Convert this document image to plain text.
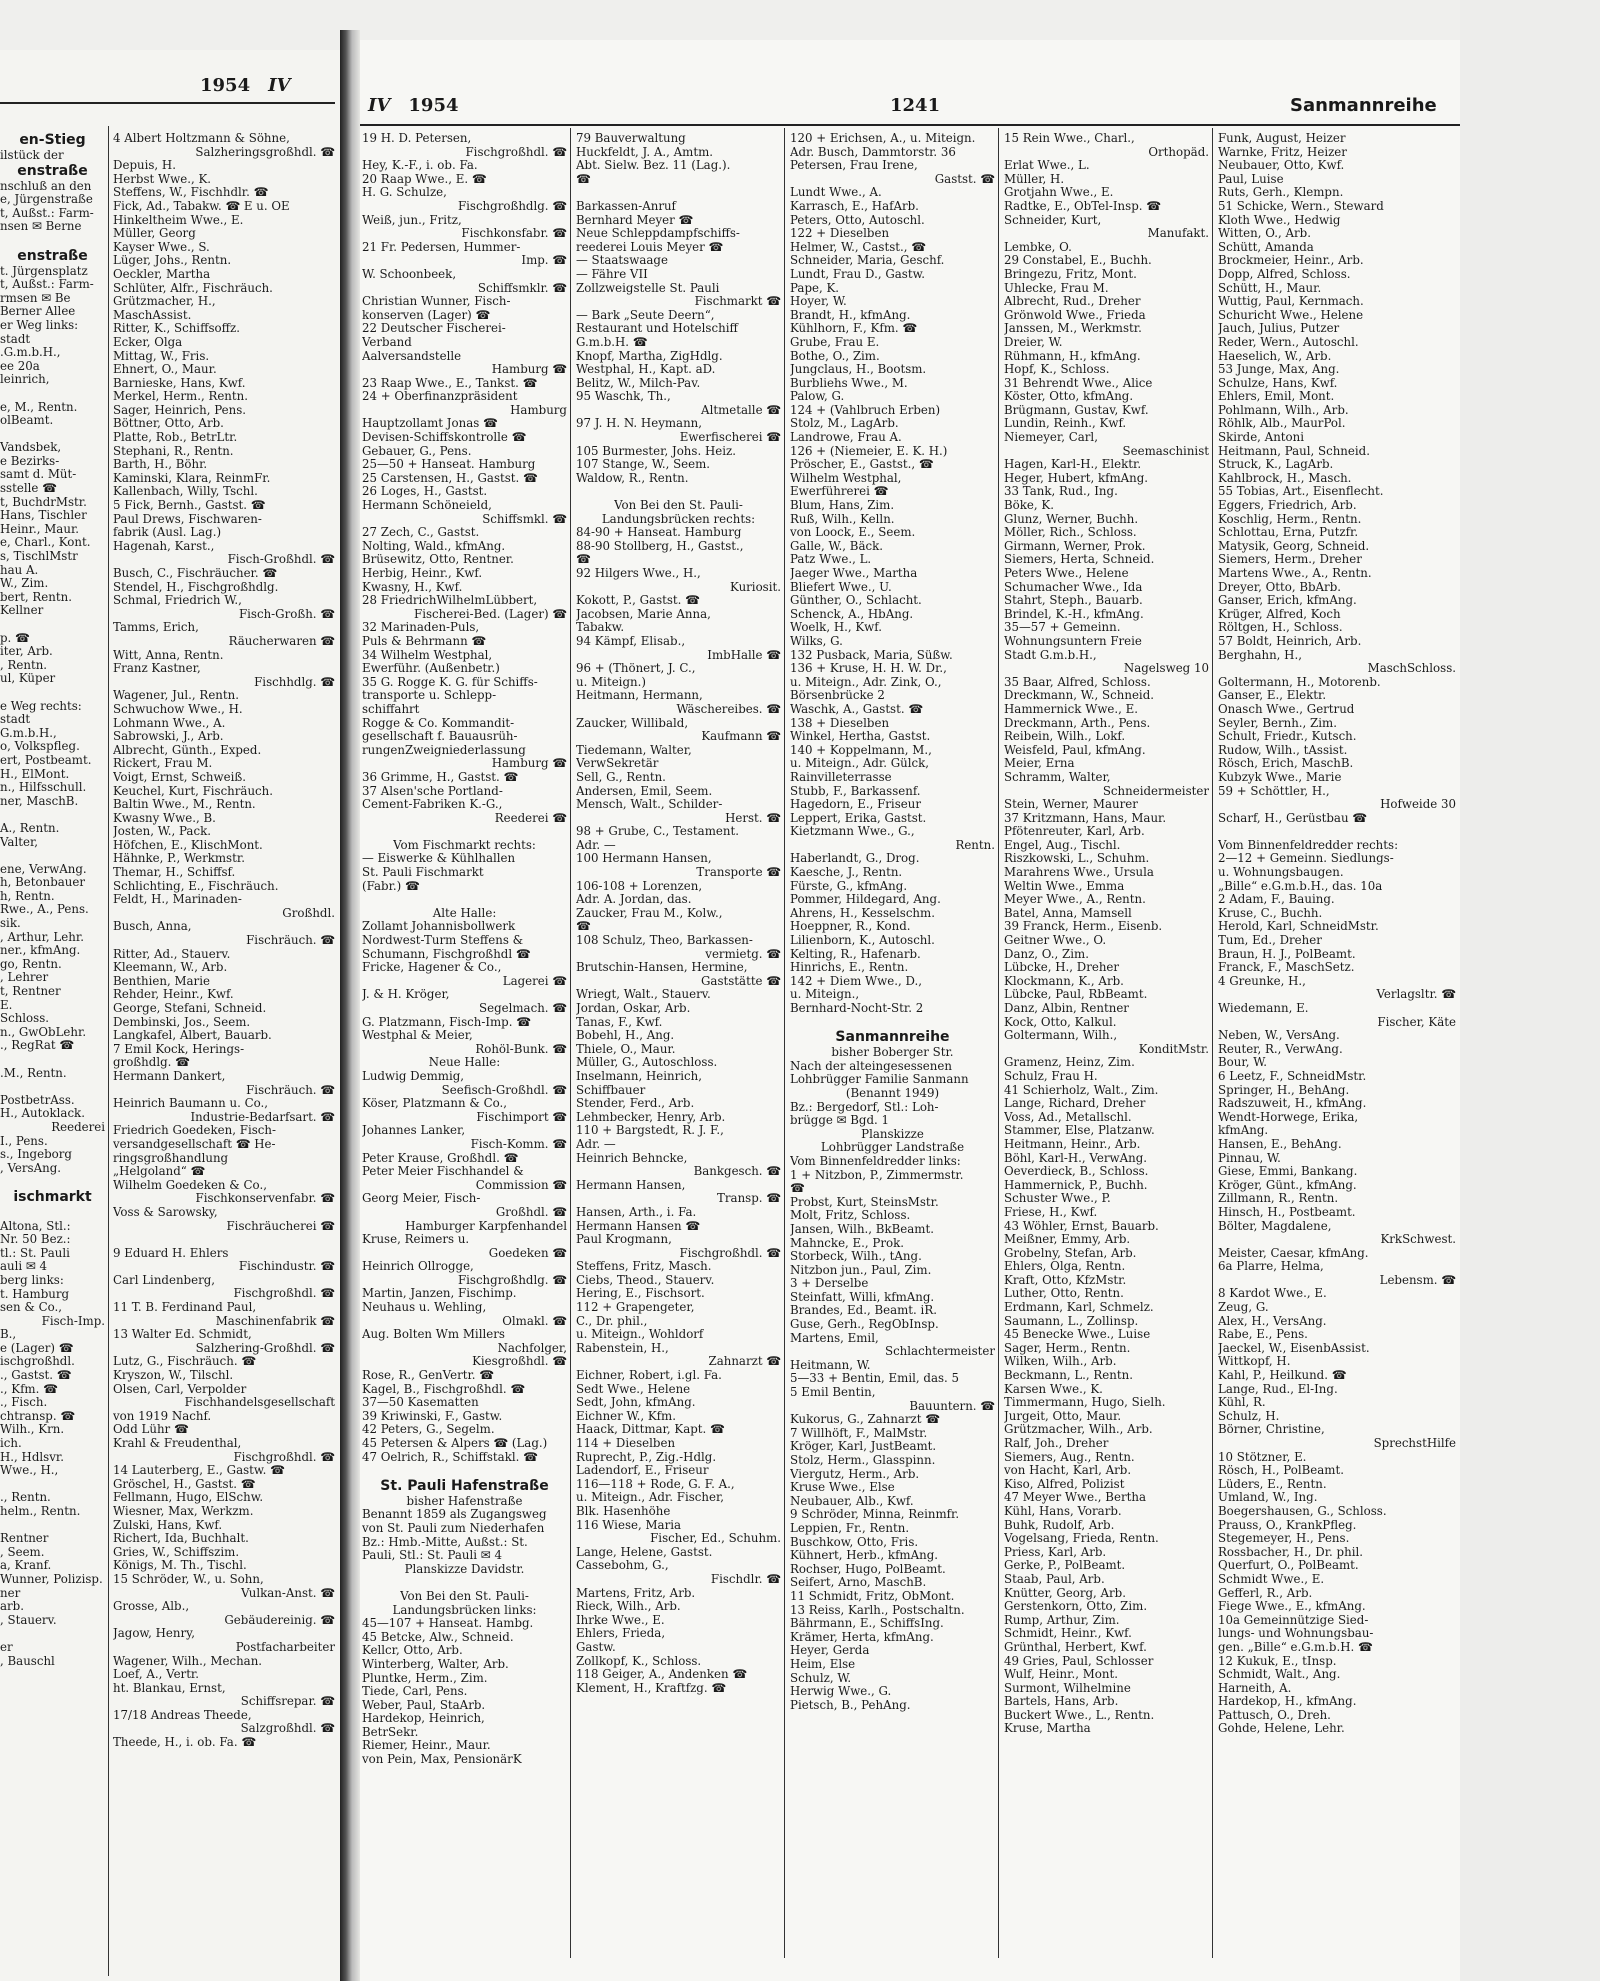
1954 IV
en-Stieg
ilstück der
enstraße
nschluß an den
e, Jürgenstraße
t, Außst.: Farm-
nsen ✉ Berne
enstraße
t. Jürgensplatz
t, Außst.: Farm-
rmsen ✉ Be
Berner Allee
er Weg links:
stadt
.G.m.b.H.,
ee 20a
leinrich,
e, M., Rentn.
olBeamt.
Vandsbek,
e Bezirks-
samt d. Müt-
sstelle ☎
t, BuchdrMstr.
Hans, Tischler
Heinr., Maur.
e, Charl., Kont.
s, TischlMstr
hau A.
W., Zim.
bert, Rentn.
Kellner
p. ☎
iter, Arb.
, Rentn.
ul, Küper
e Weg rechts:
stadt
G.m.b.H.,
o, Volkspfleg.
ert, Postbeamt.
H., ElMont.
n., Hilfsschull.
ner, MaschB.
A., Rentn.
Valter,
ene, VerwAng.
h, Betonbauer
h, Rentn.
Rwe., A., Pens.
sik.
, Arthur, Lehr.
ner., kfmAng.
go, Rentn.
, Lehrer
t, Rentner
E.
Schloss.
n., GwObLehr.
., RegRat ☎
.M., Rentn.
PostbetrAss.
H., Autoklack.
Reederei
I., Pens.
s., Ingeborg
, VersAng.
ischmarkt
Altona, Stl.:
Nr. 50 Bez.:
tl.: St. Pauli
auli ✉ 4
berg links:
t. Hamburg
sen & Co.,
Fisch-Imp.
B.,
e (Lager) ☎
ischgroßhdl.
., Gastst. ☎
., Kfm. ☎
., Fisch.
chtransp. ☎
Wilh., Krn.
ich.
H., Hdlsvr.
Wwe., H.,
., Rentn.
helm., Rentn.
Rentner
, Seem.
a, Kranf.
Wunner, Polizisp.
ner
arb.
, Stauerv.
er
, Bauschl
4 Albert Holtzmann & Söhne,
Salzheringsgroßhdl. ☎
Depuis, H.
Herbst Wwe., K.
Steffens, W., Fischhdlr. ☎
Fick, Ad., Tabakw. ☎ E u. OE
Hinkeltheim Wwe., E.
Müller, Georg
Kayser Wwe., S.
Lüger, Johs., Rentn.
Oeckler, Martha
Schlüter, Alfr., Fischräuch.
Grützmacher, H.,
MaschAssist.
Ritter, K., Schiffsoffz.
Ecker, Olga
Mittag, W., Fris.
Ehnert, O., Maur.
Barnieske, Hans, Kwf.
Merkel, Herm., Rentn.
Sager, Heinrich, Pens.
Böttner, Otto, Arb.
Platte, Rob., BetrLtr.
Stephani, R., Rentn.
Barth, H., Böhr.
Kaminski, Klara, ReinmFr.
Kallenbach, Willy, Tschl.
5 Fick, Bernh., Gastst. ☎
Paul Drews, Fischwaren-
fabrik (Ausl. Lag.)
Hagenah, Karst.,
Fisch-Großhdl. ☎
Busch, C., Fischräucher. ☎
Stendel, H., Fischgroßhdlg.
Schmal, Friedrich W.,
Fisch-Großh. ☎
Tamms, Erich,
Räucherwaren ☎
Witt, Anna, Rentn.
Franz Kastner,
Fischhdlg. ☎
Wagener, Jul., Rentn.
Schwuchow Wwe., H.
Lohmann Wwe., A.
Sabrowski, J., Arb.
Albrecht, Günth., Exped.
Rickert, Frau M.
Voigt, Ernst, Schweiß.
Keuchel, Kurt, Fischräuch.
Baltin Wwe., M., Rentn.
Kwasny Wwe., B.
Josten, W., Pack.
Höfchen, E., KlischMont.
Hähnke, P., Werkmstr.
Themar, H., Schiffsf.
Schlichting, E., Fischräuch.
Feldt, H., Marinaden-
Großhdl.
Busch, Anna,
Fischräuch. ☎
Ritter, Ad., Stauerv.
Kleemann, W., Arb.
Benthien, Marie
Rehder, Heinr., Kwf.
George, Stefani, Schneid.
Dembinski, Jos., Seem.
Langkafel, Albert, Bauarb.
7 Emil Kock, Herings-
großhdlg. ☎
Hermann Dankert,
Fischräuch. ☎
Heinrich Baumann u. Co.,
Industrie-Bedarfsart. ☎
Friedrich Goedeken, Fisch-
versandgesellschaft ☎ He-
ringsgroßhandlung
„Helgoland“ ☎
Wilhelm Goedeken & Co.,
Fischkonservenfabr. ☎
Voss & Sarowsky,
Fischräucherei ☎
9 Eduard H. Ehlers
Fischindustr. ☎
Carl Lindenberg,
Fischgroßhdl. ☎
11 T. B. Ferdinand Paul,
Maschinenfabrik ☎
13 Walter Ed. Schmidt,
Salzhering-Großhdl. ☎
Lutz, G., Fischräuch. ☎
Kryszon, W., Tilschl.
Olsen, Carl, Verpolder
Fischhandelsgesellschaft
von 1919 Nachf.
Odd Lühr ☎
Krahl & Freudenthal,
Fischgroßhdl. ☎
14 Lauterberg, E., Gastw. ☎
Gröschel, H., Gastst. ☎
Fellmann, Hugo, ElSchw.
Wiesner, Max, Werkzm.
Zulski, Hans, Kwf.
Richert, Ida, Buchhalt.
Gries, W., Schiffszim.
Königs, M. Th., Tischl.
15 Schröder, W., u. Sohn,
Vulkan-Anst. ☎
Grosse, Alb.,
Gebäudereinig. ☎
Jagow, Henry,
Postfacharbeiter
Wagener, Wilh., Mechan.
Loef, A., Vertr.
ht. Blankau, Ernst,
Schiffsrepar. ☎
17/18 Andreas Theede,
Salzgroßhdl. ☎
Theede, H., i. ob. Fa. ☎
IV 1954	1241	Sanmannreihe
19 H. D. Petersen,
Fischgroßhdl. ☎
Hey, K.-F., i. ob. Fa.
20 Raap Wwe., E. ☎
H. G. Schulze,
Fischgroßhdlg. ☎
Weiß, jun., Fritz,
Fischkonsfabr. ☎
21 Fr. Pedersen, Hummer-
Imp. ☎
W. Schoonbeek,
Schiffsmklr. ☎
Christian Wunner, Fisch-
konserven (Lager) ☎
22 Deutscher Fischerei-
Verband
Aalversandstelle
Hamburg ☎
23 Raap Wwe., E., Tankst. ☎
24 + Oberfinanzpräsident
Hamburg
Hauptzollamt Jonas ☎
Devisen-Schiffskontrolle ☎
Gebauer, G., Pens.
25—50 + Hanseat. Hamburg
25 Carstensen, H., Gastst. ☎
26 Loges, H., Gastst.
Hermann Schöneield,
Schiffsmkl. ☎
27 Zech, C., Gastst.
Nolting, Wald., kfmAng.
Brüsewitz, Otto, Rentner.
Herbig, Heinr., Kwf.
Kwasny, H., Kwf.
28 FriedrichWilhelmLübbert,
Fischerei-Bed. (Lager) ☎
32 Marinaden-Puls,
Puls & Behrmann ☎
34 Wilhelm Westphal,
Ewerführ. (Außenbetr.)
35 G. Rogge K. G. für Schiffs-
transporte u. Schlepp-
schiffahrt
Rogge & Co. Kommandit-
gesellschaft f. Bauausrüh-
rungenZweigniederlassung
Hamburg ☎
36 Grimme, H., Gastst. ☎
37 Alsen'sche Portland-
Cement-Fabriken K.-G.,
Reederei ☎
Vom Fischmarkt rechts:
— Eiswerke & Kühlhallen
St. Pauli Fischmarkt
(Fabr.) ☎
Alte Halle:
Zollamt Johannisbollwerk
Nordwest-Turm Steffens &
Schumann, Fischgroßhdl ☎
Fricke, Hagener & Co.,
Lagerei ☎
J. & H. Kröger,
Segelmach. ☎
G. Platzmann, Fisch-Imp. ☎
Westphal & Meier,
Rohöl-Bunk. ☎
Neue Halle:
Ludwig Demmig,
Seefisch-Großhdl. ☎
Köser, Platzmann & Co.,
Fischimport ☎
Johannes Lanker,
Fisch-Komm. ☎
Peter Krause, Großhdl. ☎
Peter Meier Fischhandel &
Commission ☎
Georg Meier, Fisch-
Großhdl. ☎
Hamburger Karpfenhandel
Kruse, Reimers u.
Goedeken ☎
Heinrich Ollrogge,
Fischgroßhdlg. ☎
Martin, Janzen, Fischimp.
Neuhaus u. Wehling,
Ölmakl. ☎
Aug. Bolten Wm Millers
Nachfolger,
Kiesgroßhdl. ☎
Rose, R., GenVertr. ☎
Kagel, B., Fischgroßhdl. ☎
37—50 Kasematten
39 Kriwinski, F., Gastw.
42 Peters, G., Segelm.
45 Petersen & Alpers ☎ (Lag.)
47 Oelrich, R., Schiffstakl. ☎
St. Pauli Hafenstraße
bisher Hafenstraße
Benannt 1859 als Zugangsweg
von St. Pauli zum Niederhafen
Bz.: Hmb.-Mitte, Außst.: St.
Pauli, Stl.: St. Pauli ✉ 4
Planskizze Davidstr.
Von Bei den St. Pauli-
Landungsbrücken links:
45—107 + Hanseat. Hambg.
45 Betcke, Alw., Schneid.
Kellcr, Otto, Arb.
Winterberg, Walter, Arb.
Pluntke, Herm., Zim.
Tiede, Carl, Pens.
Weber, Paul, StaArb.
Hardekop, Heinrich,
BetrSekr.
Riemer, Heinr., Maur.
von Pein, Max, PensionärK
79 Bauverwaltung
Huckfeldt, J. A., Amtm.
Abt. Sielw. Bez. 11 (Lag.).
☎
Barkassen-Anruf
Bernhard Meyer ☎
Neue Schleppdampfschiffs-
reederei Louis Meyer ☎
— Staatswaage
— Fähre VII
Zollzweigstelle St. Pauli
Fischmarkt ☎
— Bark „Seute Deern“,
Restaurant und Hotelschiff
G.m.b.H. ☎
Knopf, Martha, ZigHdlg.
Westphal, H., Kapt. aD.
Belitz, W., Milch-Pav.
95 Waschk, Th.,
Altmetalle ☎
97 J. H. N. Heymann,
Ewerfischerei ☎
105 Burmester, Johs. Heiz.
107 Stange, W., Seem.
Waldow, R., Rentn.
Von Bei den St. Pauli-
Landungsbrücken rechts:
84-90 + Hanseat. Hamburg
88-90 Stollberg, H., Gastst.,
☎
92 Hilgers Wwe., H.,
Kuriosit.
Kokott, P., Gastst. ☎
Jacobsen, Marie Anna,
Tabakw.
94 Kämpf, Elisab.,
ImbHalle ☎
96 + (Thönert, J. C.,
u. Miteign.)
Heitmann, Hermann,
Wäschereibes. ☎
Zaucker, Willibald,
Kaufmann ☎
Tiedemann, Walter,
VerwSekretär
Sell, G., Rentn.
Andersen, Emil, Seem.
Mensch, Walt., Schilder-
Herst. ☎
98 + Grube, C., Testament.
Adr. —
100 Hermann Hansen,
Transporte ☎
106-108 + Lorenzen,
Adr. A. Jordan, das.
Zaucker, Frau M., Kolw.,
☎
108 Schulz, Theo, Barkassen-
vermietg. ☎
Brutschin-Hansen, Hermine,
Gaststätte ☎
Wriegt, Walt., Stauerv.
Jordan, Oskar, Arb.
Tanas, F., Kwf.
Bobehl, H., Ang.
Thiele, O., Maur.
Müller, G., Autoschloss.
Inselmann, Heinrich,
Schiffbauer
Stender, Ferd., Arb.
Lehmbecker, Henry, Arb.
110 + Bargstedt, R. J. F.,
Adr. —
Heinrich Behncke,
Bankgesch. ☎
Hermann Hansen,
Transp. ☎
Hansen, Arth., i. Fa.
Hermann Hansen ☎
Paul Krogmann,
Fischgroßhdl. ☎
Steffens, Fritz, Masch.
Ciebs, Theod., Stauerv.
Hering, E., Fischsort.
112 + Grapengeter,
C., Dr. phil.,
u. Miteign., Wohldorf
Rabenstein, H.,
Zahnarzt ☎
Eichner, Robert, i.gl. Fa.
Sedt Wwe., Helene
Sedt, John, kfmAng.
Eichner W., Kfm.
Haack, Dittmar, Kapt. ☎
114 + Dieselben
Ruprecht, P., Zig.-Hdlg.
Ladendorf, E., Friseur
116—118 + Rode, G. F. A.,
u. Miteign., Adr. Fischer,
Blk. Hasenhöhe
116 Wiese, Maria
Fischer, Ed., Schuhm.
Lange, Helene, Gastst.
Cassebohm, G.,
Fischdlr. ☎
Martens, Fritz, Arb.
Rieck, Wilh., Arb.
Ihrke Wwe., E.
Ehlers, Frieda,
Gastw.
Zollkopf, K., Schloss.
118 Geiger, A., Andenken ☎
Klement, H., Kraftfzg. ☎
120 + Erichsen, A., u. Miteign.
Adr. Busch, Dammtorstr. 36
Petersen, Frau Irene,
Gastst. ☎
Lundt Wwe., A.
Karrasch, E., HafArb.
Peters, Otto, Autoschl.
122 + Dieselben
Helmer, W., Castst., ☎
Schneider, Maria, Geschf.
Lundt, Frau D., Gastw.
Pape, K.
Hoyer, W.
Brandt, H., kfmAng.
Kühlhorn, F., Kfm. ☎
Grube, Frau E.
Bothe, O., Zim.
Jungclaus, H., Bootsm.
Burbliehs Wwe., M.
Palow, G.
124 + (Vahlbruch Erben)
Stolz, M., LagArb.
Landrowe, Frau A.
126 + (Niemeier, E. K. H.)
Pröscher, E., Gastst., ☎
Wilhelm Westphal,
Ewerführerei ☎
Blum, Hans, Zim.
Ruß, Wilh., Kelln.
von Loock, E., Seem.
Galle, W., Bäck.
Patz Wwe., L.
Jaeger Wwe., Martha
Bliefert Wwe., U.
Günther, O., Schlacht.
Schenck, A., HbAng.
Woelk, H., Kwf.
Wilks, G.
132 Pusback, Maria, Süßw.
136 + Kruse, H. H. W. Dr.,
u. Miteign., Adr. Zink, O.,
Börsenbrücke 2
Waschk, A., Gastst. ☎
138 + Dieselben
Winkel, Hertha, Gastst.
140 + Koppelmann, M.,
u. Miteign., Adr. Gülck,
Rainvilleterrasse
Stubb, F., Barkassenf.
Hagedorn, E., Friseur
Leppert, Erika, Gastst.
Kietzmann Wwe., G.,
Rentn.
Haberlandt, G., Drog.
Kaesche, J., Rentn.
Fürste, G., kfmAng.
Pommer, Hildegard, Ang.
Ahrens, H., Kesselschm.
Hoeppner, R., Kond.
Lilienborn, K., Autoschl.
Kelting, R., Hafenarb.
Hinrichs, E., Rentn.
142 + Diem Wwe., D.,
u. Miteign.,
Bernhard-Nocht-Str. 2
Sanmannreihe
bisher Boberger Str.
Nach der alteingesessenen
Lohbrügger Familie Sanmann
(Benannt 1949)
Bz.: Bergedorf, Stl.: Loh-
brügge ✉ Bgd. 1
Planskizze
Lohbrügger Landstraße
Vom Binnenfeldredder links:
1 + Nitzbon, P., Zimmermstr.
☎
Probst, Kurt, SteinsMstr.
Molt, Fritz, Schloss.
Jansen, Wilh., BkBeamt.
Mahncke, E., Prok.
Storbeck, Wilh., tAng.
Nitzbon jun., Paul, Zim.
3 + Derselbe
Steinfatt, Willi, kfmAng.
Brandes, Ed., Beamt. iR.
Guse, Gerh., RegObInsp.
Martens, Emil,
Schlachtermeister
Heitmann, W.
5—33 + Bentin, Emil, das. 5
5 Emil Bentin,
Bauuntern. ☎
Kukorus, G., Zahnarzt ☎
7 Willhöft, F., MalMstr.
Kröger, Karl, JustBeamt.
Stolz, Herm., Glasspinn.
Viergutz, Herm., Arb.
Kruse Wwe., Else
Neubauer, Alb., Kwf.
9 Schröder, Minna, Reinmfr.
Leppien, Fr., Rentn.
Buschkow, Otto, Fris.
Kühnert, Herb., kfmAng.
Rochser, Hugo, PolBeamt.
Seifert, Arno, MaschB.
11 Schmidt, Fritz, ObMont.
13 Reiss, Karlh., Postschaltn.
Bährmann, E., SchiffsIng.
Krämer, Herta, kfmAng.
Heyer, Gerda
Heim, Else
Schulz, W.
Herwig Wwe., G.
Pietsch, B., PehAng.
15 Rein Wwe., Charl.,
Orthopäd.
Erlat Wwe., L.
Müller, H.
Grotjahn Wwe., E.
Radtke, E., ObTel-Insp. ☎
Schneider, Kurt,
Manufakt.
Lembke, O.
29 Constabel, E., Buchh.
Bringezu, Fritz, Mont.
Uhlecke, Frau M.
Albrecht, Rud., Dreher
Grönwold Wwe., Frieda
Janssen, M., Werkmstr.
Dreier, W.
Rühmann, H., kfmAng.
Hopf, K., Schloss.
31 Behrendt Wwe., Alice
Köster, Otto, kfmAng.
Brügmann, Gustav, Kwf.
Lundin, Reinh., Kwf.
Niemeyer, Carl,
Seemaschinist
Hagen, Karl-H., Elektr.
Heger, Hubert, kfmAng.
33 Tank, Rud., Ing.
Böke, K.
Glunz, Werner, Buchh.
Möller, Rich., Schloss.
Girmann, Werner, Prok.
Siemers, Herta, Schneid.
Peters Wwe., Helene
Schumacher Wwe., Ida
Stahrt, Steph., Bauarb.
Brindel, K.-H., kfmAng.
35—57 + Gemeinn.
Wohnungsuntern Freie
Stadt G.m.b.H.,
Nagelsweg 10
35 Baar, Alfred, Schloss.
Dreckmann, W., Schneid.
Hammernick Wwe., E.
Dreckmann, Arth., Pens.
Reibein, Wilh., Lokf.
Weisfeld, Paul, kfmAng.
Meier, Erna
Schramm, Walter,
Schneidermeister
Stein, Werner, Maurer
37 Kritzmann, Hans, Maur.
Pfötenreuter, Karl, Arb.
Engel, Aug., Tischl.
Riszkowski, L., Schuhm.
Marahrens Wwe., Ursula
Weltin Wwe., Emma
Meyer Wwe., A., Rentn.
Batel, Anna, Mamsell
39 Franck, Herm., Eisenb.
Geitner Wwe., O.
Danz, O., Zim.
Lübcke, H., Dreher
Klockmann, K., Arb.
Lübcke, Paul, RbBeamt.
Danz, Albin, Rentner
Kock, Otto, Kalkul.
Goltermann, Wilh.,
KonditMstr.
Gramenz, Heinz, Zim.
Schulz, Frau H.
41 Schierholz, Walt., Zim.
Lange, Richard, Dreher
Voss, Ad., Metallschl.
Stammer, Else, Platzanw.
Heitmann, Heinr., Arb.
Böhl, Karl-H., VerwAng.
Oeverdieck, B., Schloss.
Hammernick, P., Buchh.
Schuster Wwe., P.
Friese, H., Kwf.
43 Wöhler, Ernst, Bauarb.
Meißner, Emmy, Arb.
Grobelny, Stefan, Arb.
Ehlers, Olga, Rentn.
Kraft, Otto, KfzMstr.
Luther, Otto, Rentn.
Erdmann, Karl, Schmelz.
Saumann, L., Zollinsp.
45 Benecke Wwe., Luise
Sager, Herm., Rentn.
Wilken, Wilh., Arb.
Beckmann, L., Rentn.
Karsen Wwe., K.
Timmermann, Hugo, Sielh.
Jurgeit, Otto, Maur.
Grützmacher, Wilh., Arb.
Ralf, Joh., Dreher
Siemers, Aug., Rentn.
von Hacht, Karl, Arb.
Kiso, Alfred, Polizist
47 Meyer Wwe., Bertha
Kühl, Hans, Vorarb.
Buhk, Rudolf, Arb.
Vogelsang, Frieda, Rentn.
Priess, Karl, Arb.
Gerke, P., PolBeamt.
Staab, Paul, Arb.
Knütter, Georg, Arb.
Gerstenkorn, Otto, Zim.
Rump, Arthur, Zim.
Schmidt, Heinr., Kwf.
Grünthal, Herbert, Kwf.
49 Gries, Paul, Schlosser
Wulf, Heinr., Mont.
Surmont, Wilhelmine
Bartels, Hans, Arb.
Buckert Wwe., L., Rentn.
Kruse, Martha
Funk, August, Heizer
Warnke, Fritz, Heizer
Neubauer, Otto, Kwf.
Paul, Luise
Ruts, Gerh., Klempn.
51 Schicke, Wern., Steward
Kloth Wwe., Hedwig
Witten, O., Arb.
Schütt, Amanda
Brockmeier, Heinr., Arb.
Dopp, Alfred, Schloss.
Schütt, H., Maur.
Wuttig, Paul, Kernmach.
Schuricht Wwe., Helene
Jauch, Julius, Putzer
Reder, Wern., Autoschl.
Haeselich, W., Arb.
53 Junge, Max, Ang.
Schulze, Hans, Kwf.
Ehlers, Emil, Mont.
Pohlmann, Wilh., Arb.
Röhlk, Alb., MaurPol.
Skirde, Antoni
Heitmann, Paul, Schneid.
Struck, K., LagArb.
Kahlbrock, H., Masch.
55 Tobias, Art., Eisenflecht.
Eggers, Friedrich, Arb.
Koschlig, Herm., Rentn.
Schlottau, Erna, Putzfr.
Matysik, Georg, Schneid.
Siemers, Herm., Dreher
Martens Wwe., A., Rentn.
Dreyer, Otto, BbArb.
Ganser, Erich, kfmAng.
Krüger, Alfred, Koch
Röltgen, H., Schloss.
57 Boldt, Heinrich, Arb.
Berghahn, H.,
MaschSchloss.
Goltermann, H., Motorenb.
Ganser, E., Elektr.
Onasch Wwe., Gertrud
Seyler, Bernh., Zim.
Schult, Friedr., Kutsch.
Rudow, Wilh., tAssist.
Rösch, Erich, MaschB.
Kubzyk Wwe., Marie
59 + Schöttler, H.,
Hofweide 30
Scharf, H., Gerüstbau ☎
Vom Binnenfeldredder rechts:
2—12 + Gemeinn. Siedlungs-
u. Wohnungsbaugen.
„Bille“ e.G.m.b.H., das. 10a
2 Adam, F., Bauing.
Kruse, C., Buchh.
Herold, Karl, SchneidMstr.
Tum, Ed., Dreher
Braun, H. J., PolBeamt.
Franck, F., MaschSetz.
4 Greunke, H.,
Verlagsltr. ☎
Wiedemann, E.
Fischer, Käte
Neben, W., VersAng.
Reuter, R., VerwAng.
Bour, W.
6 Leetz, F., SchneidMstr.
Springer, H., BehAng.
Radszuweit, H., kfmAng.
Wendt-Horwege, Erika,
kfmAng.
Hansen, E., BehAng.
Pinnau, W.
Giese, Emmi, Bankang.
Kröger, Günt., kfmAng.
Zillmann, R., Rentn.
Hinsch, H., Postbeamt.
Bölter, Magdalene,
KrkSchwest.
Meister, Caesar, kfmAng.
6a Plarre, Helma,
Lebensm. ☎
8 Kardot Wwe., E.
Zeug, G.
Alex, H., VersAng.
Rabe, E., Pens.
Jaeckel, W., EisenbAssist.
Wittkopf, H.
Kahl, P., Heilkund. ☎
Lange, Rud., El-Ing.
Kühl, R.
Schulz, H.
Börner, Christine,
SprechstHilfe
10 Stötzner, E.
Rösch, H., PolBeamt.
Lüders, E., Rentn.
Umland, W., Ing.
Boegershausen, G., Schloss.
Prauss, O., KrankPfleg.
Stegemeyer, H., Pens.
Rossbacher, H., Dr. phil.
Querfurt, O., PolBeamt.
Schmidt Wwe., E.
Gefferl, R., Arb.
Fiege Wwe., E., kfmAng.
10a Gemeinnützige Sied-
lungs- und Wohnungsbau-
gen. „Bille“ e.G.m.b.H. ☎
12 Kukuk, E., tInsp.
Schmidt, Walt., Ang.
Harneith, A.
Hardekop, H., kfmAng.
Pattusch, O., Dreh.
Gohde, Helene, Lehr.
